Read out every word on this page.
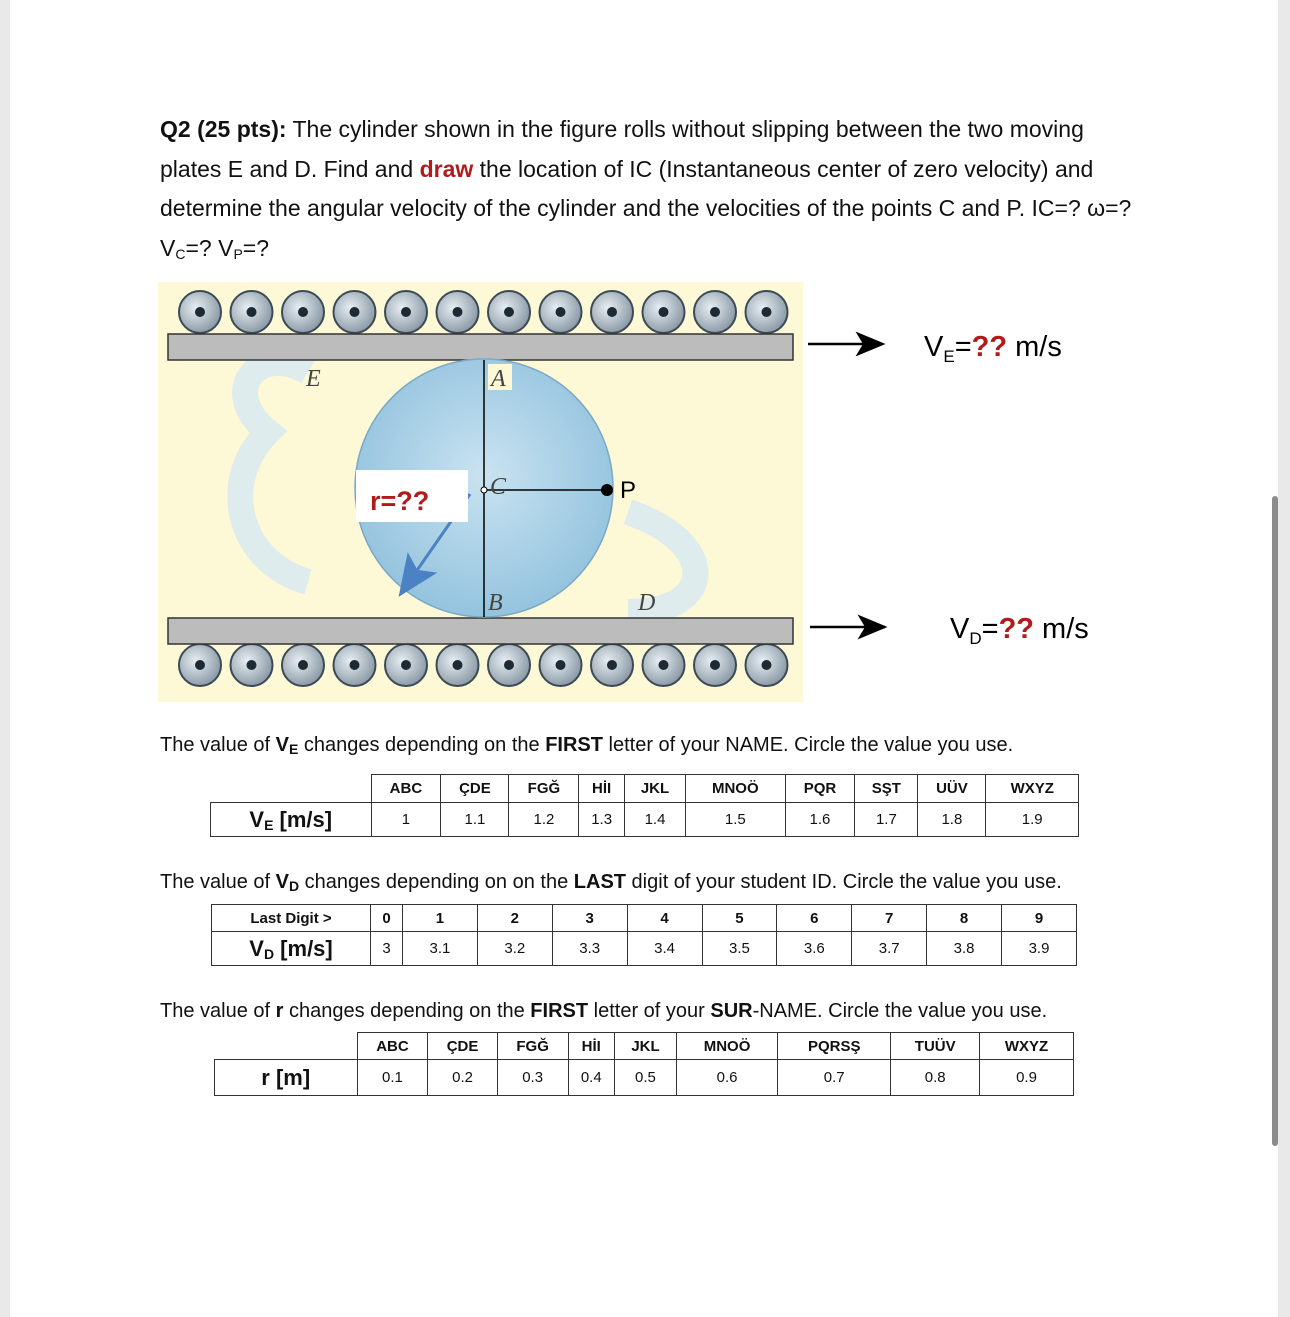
Q2 (25 pts): The cylinder shown in the figure rolls without slipping between the two moving plates E and D. Find and draw the location of IC (Instantaneous center of zero velocity) and determine the angular velocity of the cylinder and the velocities of the points C and P. IC=? ω=? $V_C=$? $V_P=$?
A
E
C
B	D
P
r=??
$V_E=$?? m/s
$V_D=$?? m/s
The value of $V_E$ changes depending on the FIRST letter of your NAME. Circle the value you use.
	ABC	ÇDE	FGĞ	HİI	JKL	MNOÖ	PQR	SŞT	UÜV	WXYZ
$V_E$ [m/s]	1	1.1	1.2	1.3	1.4	1.5	1.6	1.7	1.8	1.9
The value of $V_D$ changes depending on on the LAST digit of your student ID. Circle the value you use.
Last Digit >	0	1	2	3	4	5	6	7	8	9
$V_D$ [m/s]	3	3.1	3.2	3.3	3.4	3.5	3.6	3.7	3.8	3.9
The value of r changes depending on the FIRST letter of your SUR-NAME. Circle the value you use.
	ABC	ÇDE	FGĞ	HİI	JKL	MNOÖ	PQRSŞ	TUÜV	WXYZ
r [m]	0.1	0.2	0.3	0.4	0.5	0.6	0.7	0.8	0.9
